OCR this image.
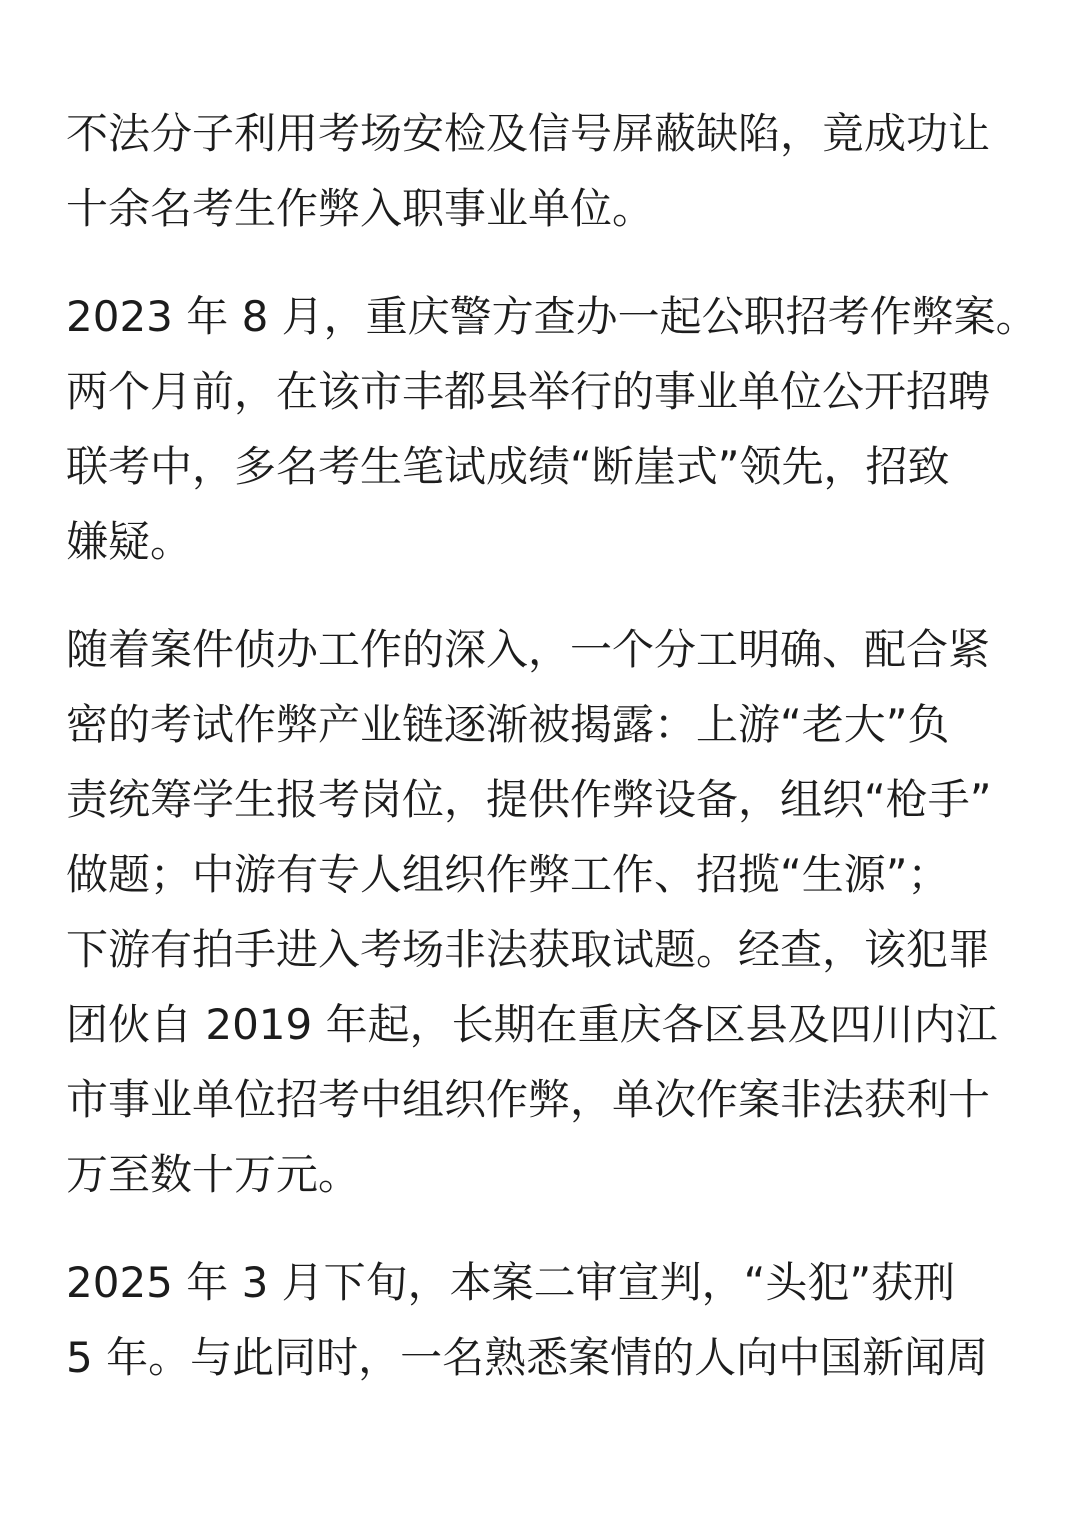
不法分子利用考场安检及信号屏蔽缺陷，竟成功让
十余名考生作弊入职事业单位。

2023 年 8 月，重庆警方查办一起公职招考作弊案。
两个月前，在该市丰都县举行的事业单位公开招聘
联考中，多名考生笔试成绩“断崖式”领先，招致
嫌疑。

随着案件侦办工作的深入，一个分工明确、配合紧
密的考试作弊产业链逐渐被揭露：上游“老大”负
责统筹学生报考岗位，提供作弊设备，组织“枪手”
做题；中游有专人组织作弊工作、招揽“生源”；
下游有拍手进入考场非法获取试题。经查，该犯罪
团伙自 2019 年起，长期在重庆各区县及四川内江
市事业单位招考中组织作弊，单次作案非法获利十
万至数十万元。

2025 年 3 月下旬，本案二审宣判，“头犯”获刑
5 年。与此同时，一名熟悉案情的人向中国新闻周
